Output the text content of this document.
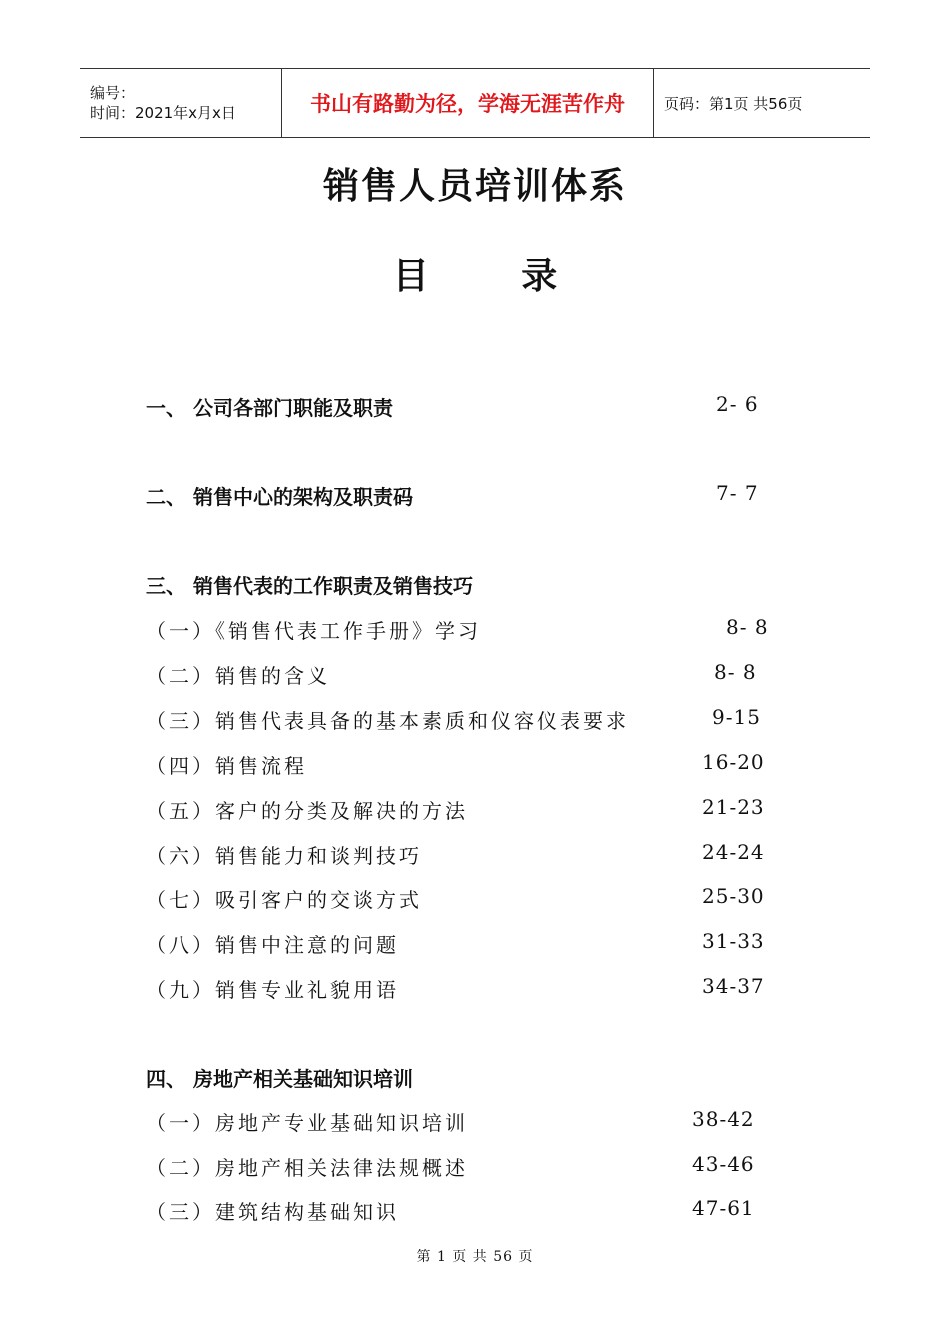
编号：
时间：2021年x月x日	书山有路勤为径，学海无涯苦作舟	页码：第1页 共56页
销售人员培训体系
目 录
一、 公司各部门职能及职责	2- 6
二、 销售中心的架构及职责码	7- 7
三、 销售代表的工作职责及销售技巧
（一）《销售代表工作手册》学习	8- 8
（二）销售的含义	8- 8
（三）销售代表具备的基本素质和仪容仪表要求	9-15
（四）销售流程	16-20
（五）客户的分类及解决的方法	21-23
（六）销售能力和谈判技巧	24-24
（七）吸引客户的交谈方式	25-30
（八）销售中注意的问题	31-33
（九）销售专业礼貌用语	34-37
四、 房地产相关基础知识培训
（一）房地产专业基础知识培训	38-42
（二）房地产相关法律法规概述	43-46
（三）建筑结构基础知识	47-61
第 1 页 共 56 页
